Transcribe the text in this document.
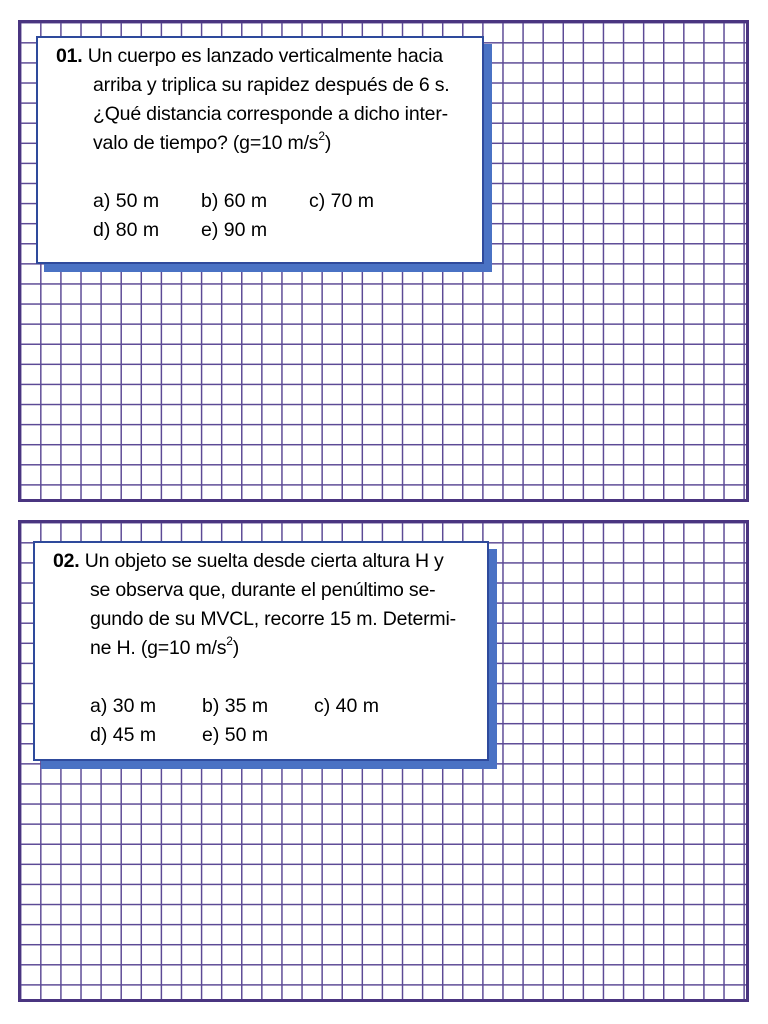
01. Un cuerpo es lanzado verticalmente hacia
arriba y triplica su rapidez después de 6 s.
¿Qué distancia corresponde a dicho inter-
valo de tiempo? (g=10 $m/s^2$)
a) 50 m	b) 60 m	c) 70 m
d) 80 m	e) 90 m
02. Un objeto se suelta desde cierta altura H y
se observa que, durante el penúltimo se-
gundo de su MVCL, recorre 15 m. Determi-
ne H. (g=10 $m/s^2$)
a) 30 m	b) 35 m	c) 40 m
d) 45 m	e) 50 m
